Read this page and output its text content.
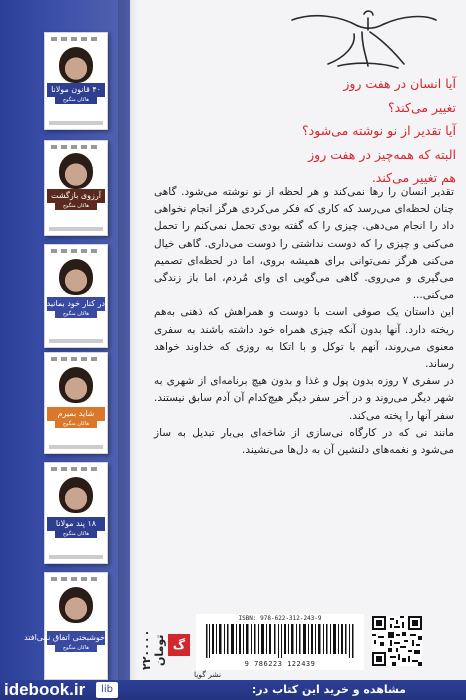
۴۰ قانون مولانا
هاکان منگوچ
آرزوی بازگشت
هاکان منگوچ
در کنار خود بمانید
هاکان منگوچ
شاید بمیرم
هاکان منگوچ
۱۸ پند مولانا
هاکان منگوچ
خوشبختی اتفاق نمی‌افتد
هاکان منگوچ
آیا انسان در هفت روز
تغییر می‌کند؟
آیا تقدیر از نو نوشته می‌شود؟
البته که همه‌چیز در هفت روز
هم تغییر می‌کند.

تقدیر انسان را رها نمی‌کند و هر لحظه از نو نوشته می‌شود. گاهی چنان لحظه‌ای می‌رسد که کاری که فکر می‌کردی هرگز انجام نخواهی داد را انجام می‌دهی. چیزی را که گفته بودی تحمل نمی‌کنم را تحمل می‌کنی و چیزی را که دوست نداشتی را دوست می‌داری. گاهی خیال می‌کنی هرگز نمی‌توانی برای همیشه بروی، اما در لحظه‌ای تصمیم می‌گیری و می‌روی. گاهی می‌گویی ای وای مُردم، اما باز زندگی می‌کنی...

این داستان یک صوفی است با دوست و همراهش که ذهنی به‌هم ریخته دارد. آنها بدون آنکه چیزی همراه خود داشته باشند به سفری معنوی می‌روند، آنهم با توکل و با اتکا به روزی که خداوند خواهد رساند.

در سفری ۷ روزه بدون پول و غذا و بدون هیچ برنامه‌ای از شهری به شهر دیگر می‌روند و در آخر سفر دیگر هیچ‌کدام آن آدم سابق نیستند. سفر آنها را پخته می‌کند.

مانند نی که در کارگاه نی‌سازی از شاخه‌ای بی‌بار تبدیل به ساز می‌شود و نغمه‌های دلنشین آن به دل‌ها می‌نشیند.

۲۲۰۰۰۰ تومان گ
نشر گویا
ISBN: 978-622-312-243-9
9 786223 122439
idebook.ir	lib	مشاهده و خرید این کتاب در:
